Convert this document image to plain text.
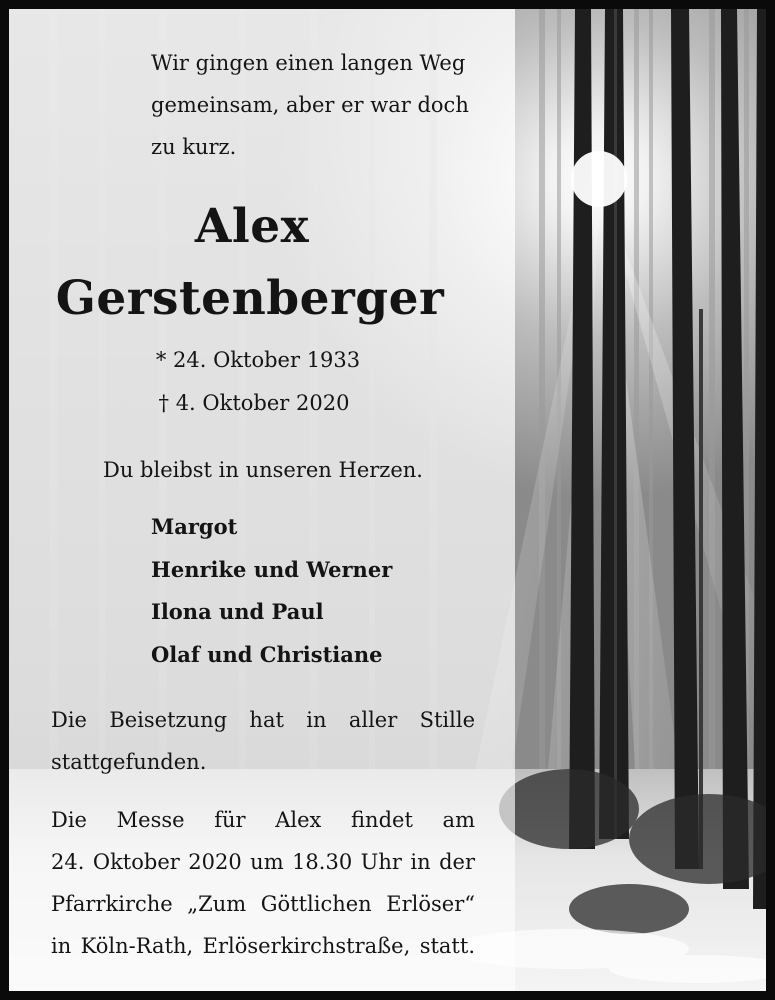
Wir gingen einen langen Weg
gemeinsam, aber er war doch
zu kurz.
Alex
Gerstenberger
* 24. Oktober 1933
† 4. Oktober 2020
Du bleibst in unseren Herzen.
Margot
Henrike und Werner
Ilona und Paul
Olaf und Christiane
Die Beisetzung hat in aller Stille
stattgefunden.
Die Messe für Alex findet am
24. Oktober 2020 um 18.30 Uhr in der
Pfarrkirche „Zum Göttlichen Erlöser“
in Köln-Rath, Erlöserkirchstraße, statt.
